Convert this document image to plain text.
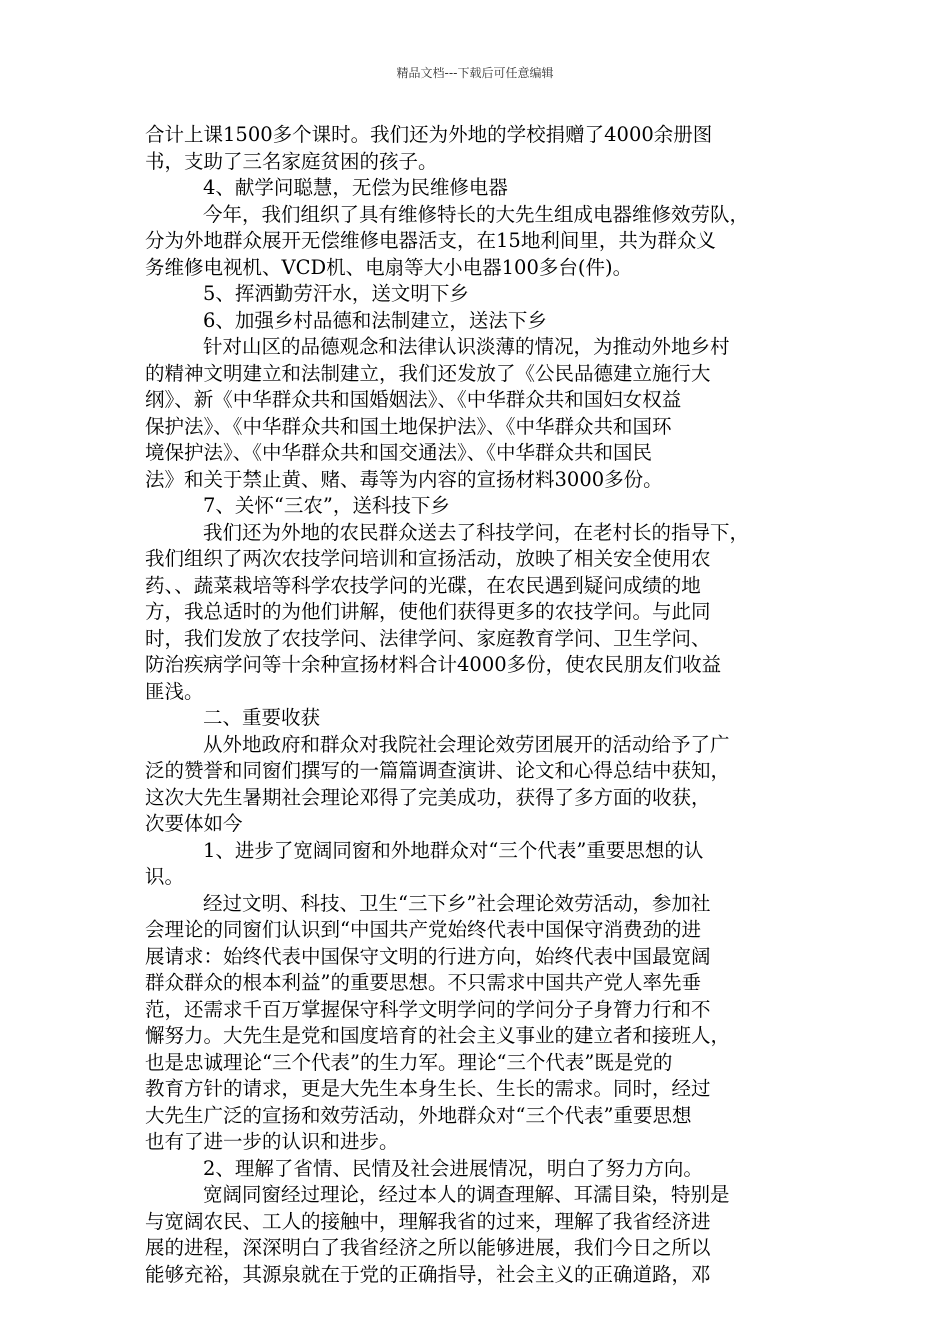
精品文档---下载后可任意编辑
合计上课1500多个课时。我们还为外地的学校捐赠了4000余册图
书，支助了三名家庭贫困的孩子。
4、献学问聪慧，无偿为民维修电器
今年，我们组织了具有维修特长的大先生组成电器维修效劳队，
分为外地群众展开无偿维修电器活支，在15地利间里，共为群众义
务维修电视机、VCD机、电扇等大小电器100多台(件)。
5、挥洒勤劳汗水，送文明下乡
6、加强乡村品德和法制建立，送法下乡
针对山区的品德观念和法律认识淡薄的情况，为推动外地乡村
的精神文明建立和法制建立，我们还发放了《公民品德建立施行大
纲》、新《中华群众共和国婚姻法》、《中华群众共和国妇女权益
保护法》、《中华群众共和国土地保护法》、《中华群众共和国环
境保护法》、《中华群众共和国交通法》、《中华群众共和国民
法》和关于禁止黄、赌、毒等为内容的宣扬材料3000多份。
7、关怀“三农”，送科技下乡
我们还为外地的农民群众送去了科技学问，在老村长的指导下，
我们组织了两次农技学问培训和宣扬活动，放映了相关安全使用农
药、、蔬菜栽培等科学农技学问的光碟，在农民遇到疑问成绩的地
方，我总适时的为他们讲解，使他们获得更多的农技学问。与此同
时，我们发放了农技学问、法律学问、家庭教育学问、卫生学问、
防治疾病学问等十余种宣扬材料合计4000多份，使农民朋友们收益
匪浅。
二、重要收获
从外地政府和群众对我院社会理论效劳团展开的活动给予了广
泛的赞誉和同窗们撰写的一篇篇调查演讲、论文和心得总结中获知，
这次大先生暑期社会理论邓得了完美成功，获得了多方面的收获，
次要体如今
1、进步了宽阔同窗和外地群众对“三个代表”重要思想的认
识。
经过文明、科技、卫生“三下乡”社会理论效劳活动，参加社
会理论的同窗们认识到“中国共产党始终代表中国保守消费劲的进
展请求：始终代表中国保守文明的行进方向，始终代表中国最宽阔
群众群众的根本利益”的重要思想。不只需求中国共产党人率先垂
范，还需求千百万掌握保守科学文明学问的学问分子身膂力行和不
懈努力。大先生是党和国度培育的社会主义事业的建立者和接班人，
也是忠诚理论“三个代表”的生力军。理论“三个代表”既是党的
教育方针的请求，更是大先生本身生长、生长的需求。同时，经过
大先生广泛的宣扬和效劳活动，外地群众对“三个代表”重要思想
也有了进一步的认识和进步。
2、理解了省情、民情及社会进展情况，明白了努力方向。
宽阔同窗经过理论，经过本人的调查理解、耳濡目染，特别是
与宽阔农民、工人的接触中，理解我省的过来，理解了我省经济进
展的进程，深深明白了我省经济之所以能够进展，我们今日之所以
能够充裕，其源泉就在于党的正确指导，社会主义的正确道路，邓
